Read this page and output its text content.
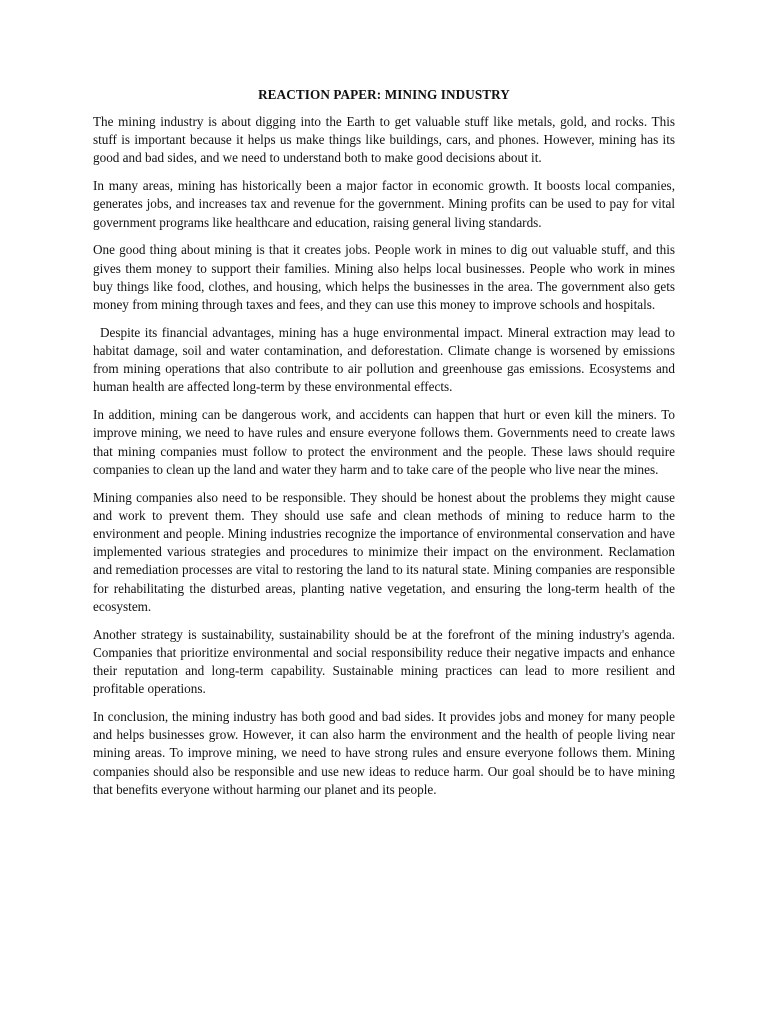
REACTION PAPER: MINING INDUSTRY

The mining industry is about digging into the Earth to get valuable stuff like metals, gold, and rocks. This stuff is important because it helps us make things like buildings, cars, and phones. However, mining has its good and bad sides, and we need to understand both to make good decisions about it.

In many areas, mining has historically been a major factor in economic growth. It boosts local companies, generates jobs, and increases tax and revenue for the government. Mining profits can be used to pay for vital government programs like healthcare and education, raising general living standards.

One good thing about mining is that it creates jobs. People work in mines to dig out valuable stuff, and this gives them money to support their families. Mining also helps local businesses. People who work in mines buy things like food, clothes, and housing, which helps the businesses in the area. The government also gets money from mining through taxes and fees, and they can use this money to improve schools and hospitals.

Despite its financial advantages, mining has a huge environmental impact. Mineral extraction may lead to habitat damage, soil and water contamination, and deforestation. Climate change is worsened by emissions from mining operations that also contribute to air pollution and greenhouse gas emissions. Ecosystems and human health are affected long-term by these environmental effects.

In addition, mining can be dangerous work, and accidents can happen that hurt or even kill the miners. To improve mining, we need to have rules and ensure everyone follows them. Governments need to create laws that mining companies must follow to protect the environment and the people. These laws should require companies to clean up the land and water they harm and to take care of the people who live near the mines.

Mining companies also need to be responsible. They should be honest about the problems they might cause and work to prevent them. They should use safe and clean methods of mining to reduce harm to the environment and people. Mining industries recognize the importance of environmental conservation and have implemented various strategies and procedures to minimize their impact on the environment. Reclamation and remediation processes are vital to restoring the land to its natural state. Mining companies are responsible for rehabilitating the disturbed areas, planting native vegetation, and ensuring the long-term health of the ecosystem.

Another strategy is sustainability, sustainability should be at the forefront of the mining industry's agenda. Companies that prioritize environmental and social responsibility reduce their negative impacts and enhance their reputation and long-term capability. Sustainable mining practices can lead to more resilient and profitable operations.

In conclusion, the mining industry has both good and bad sides. It provides jobs and money for many people and helps businesses grow. However, it can also harm the environment and the health of people living near mining areas. To improve mining, we need to have strong rules and ensure everyone follows them. Mining companies should also be responsible and use new ideas to reduce harm. Our goal should be to have mining that benefits everyone without harming our planet and its people.
